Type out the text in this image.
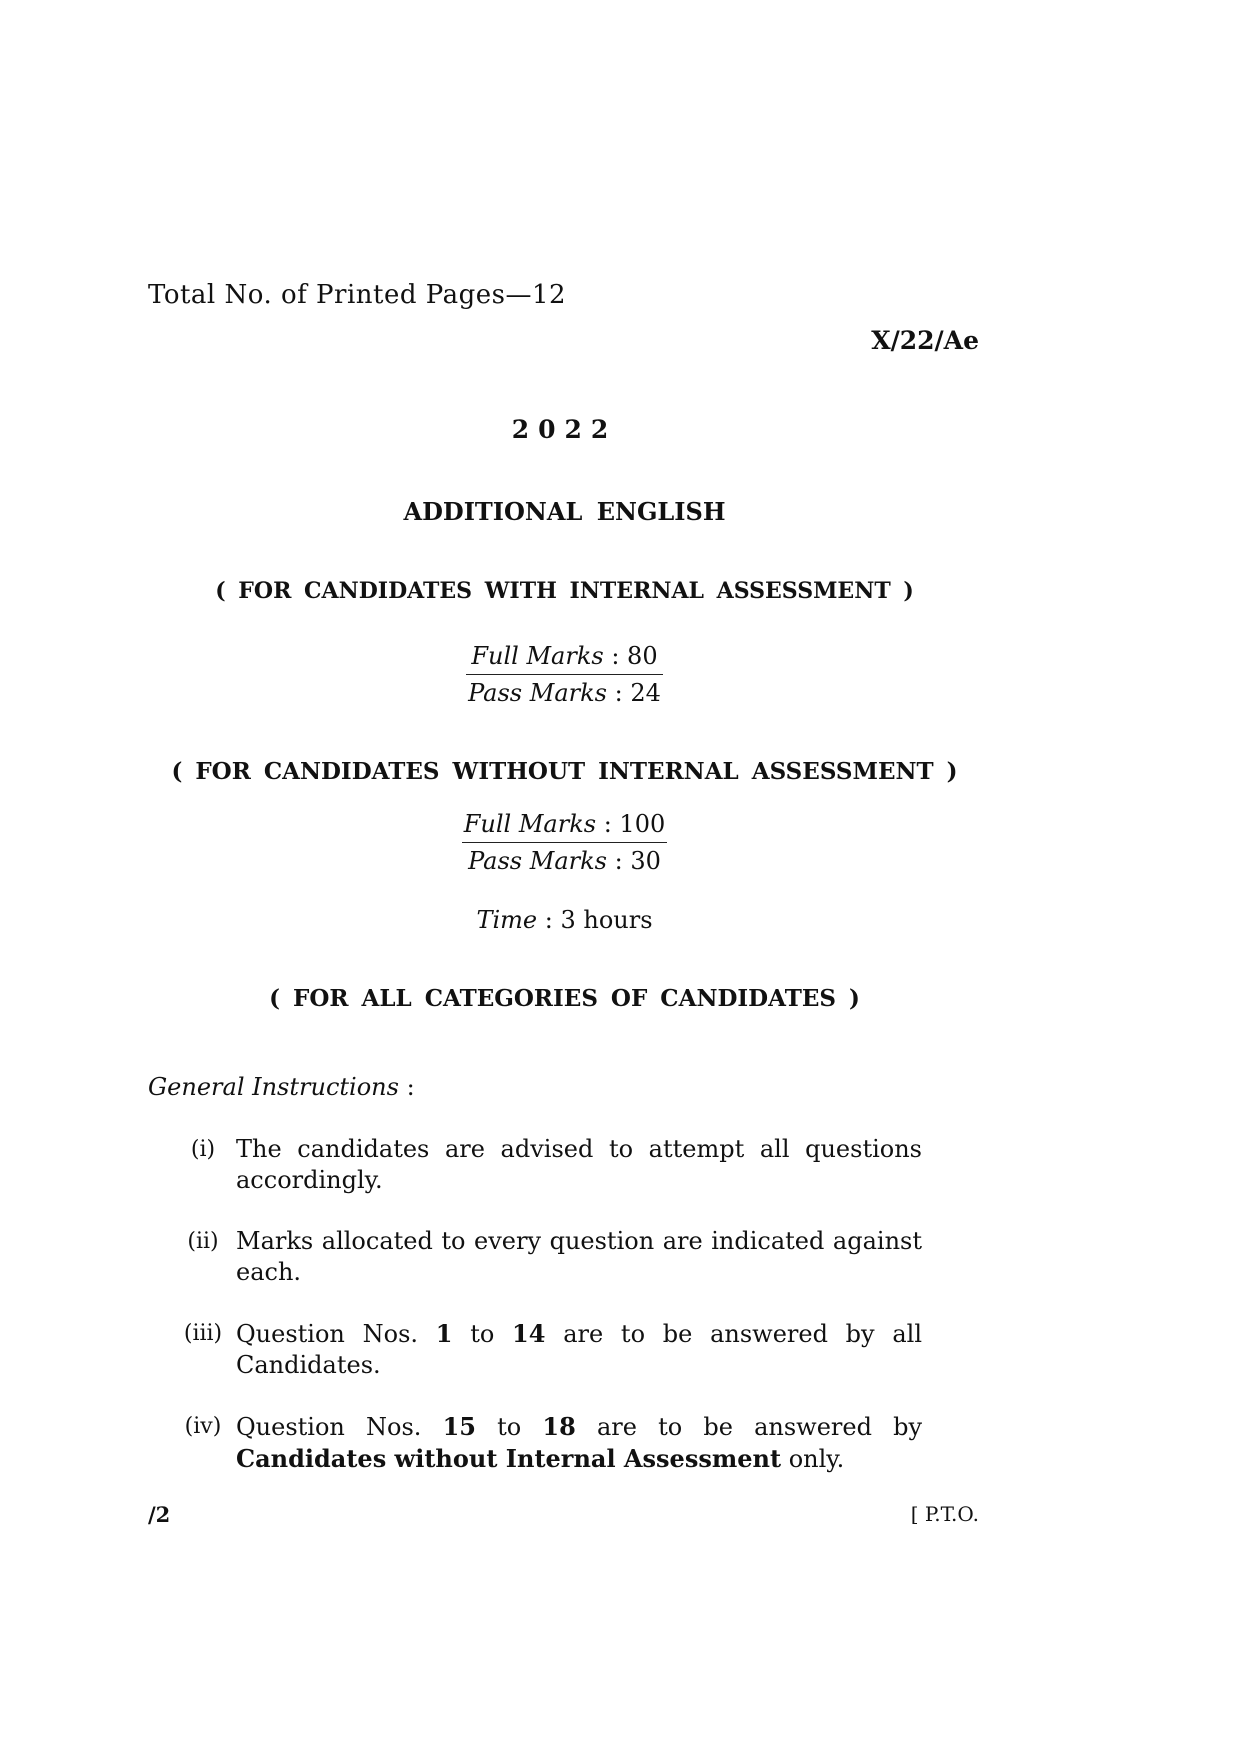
Total No. of Printed Pages—12
X/22/Ae
2022
ADDITIONAL ENGLISH
( FOR CANDIDATES WITH INTERNAL ASSESSMENT )
Full Marks : 80
Pass Marks : 24
( FOR CANDIDATES WITHOUT INTERNAL ASSESSMENT )
Full Marks : 100
Pass Marks : 30
Time : 3 hours
( FOR ALL CATEGORIES OF CANDIDATES )
General Instructions :
(i) The candidates are advised to attempt all questions accordingly.
(ii) Marks allocated to every question are indicated against each.
(iii) Question Nos. 1 to 14 are to be answered by all Candidates.
(iv) Question Nos. 15 to 18 are to be answered by Candidates without Internal Assessment only.
/2	[ P.T.O.
